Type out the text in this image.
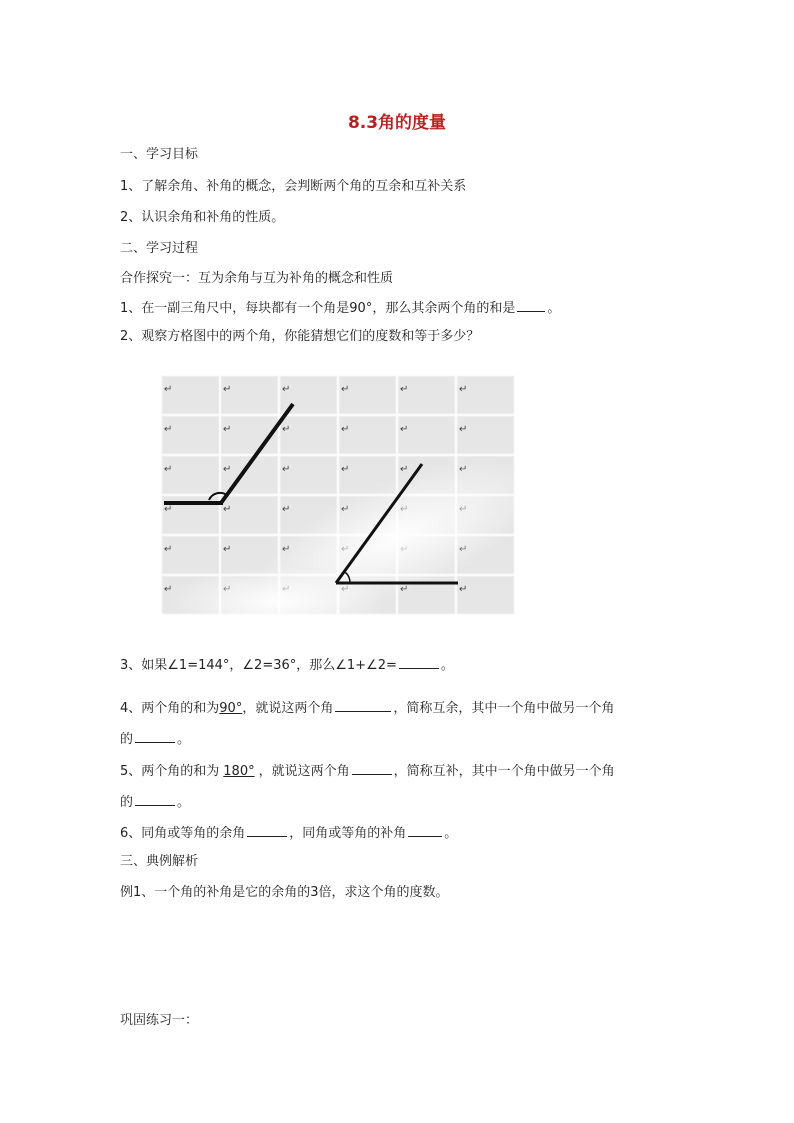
8.3角的度量
一、学习目标
1、了解余角、补角的概念，会判断两个角的互余和互补关系
2、认识余角和补角的性质。
二、学习过程
合作探究一：互为余角与互为补角的概念和性质
1、在一副三角尺中，每块都有一个角是90°，那么其余两个角的和是 。
2、观察方格图中的两个角，你能猜想它们的度数和等于多少？
↵	↵	↵	↵	↵	↵
↵	↵	↵	↵	↵	↵
↵	↵	↵	↵	↵
↵	↵	↵
↵	↵
↵	↵
3、如果∠1=144°，∠2=36°，那么∠1+∠2=	。
4、两个角的和为90°，就说这两个角	，简称互余，其中一个角中做另一个角
的	。
5、两个角的和为 180° ，就说这两个角	，简称互补，其中一个角中做另一个角
的	。
6、同角或等角的余角	，同角或等角的补角	。
三、典例解析
例1、一个角的补角是它的余角的3倍，求这个角的度数。
巩固练习一：
